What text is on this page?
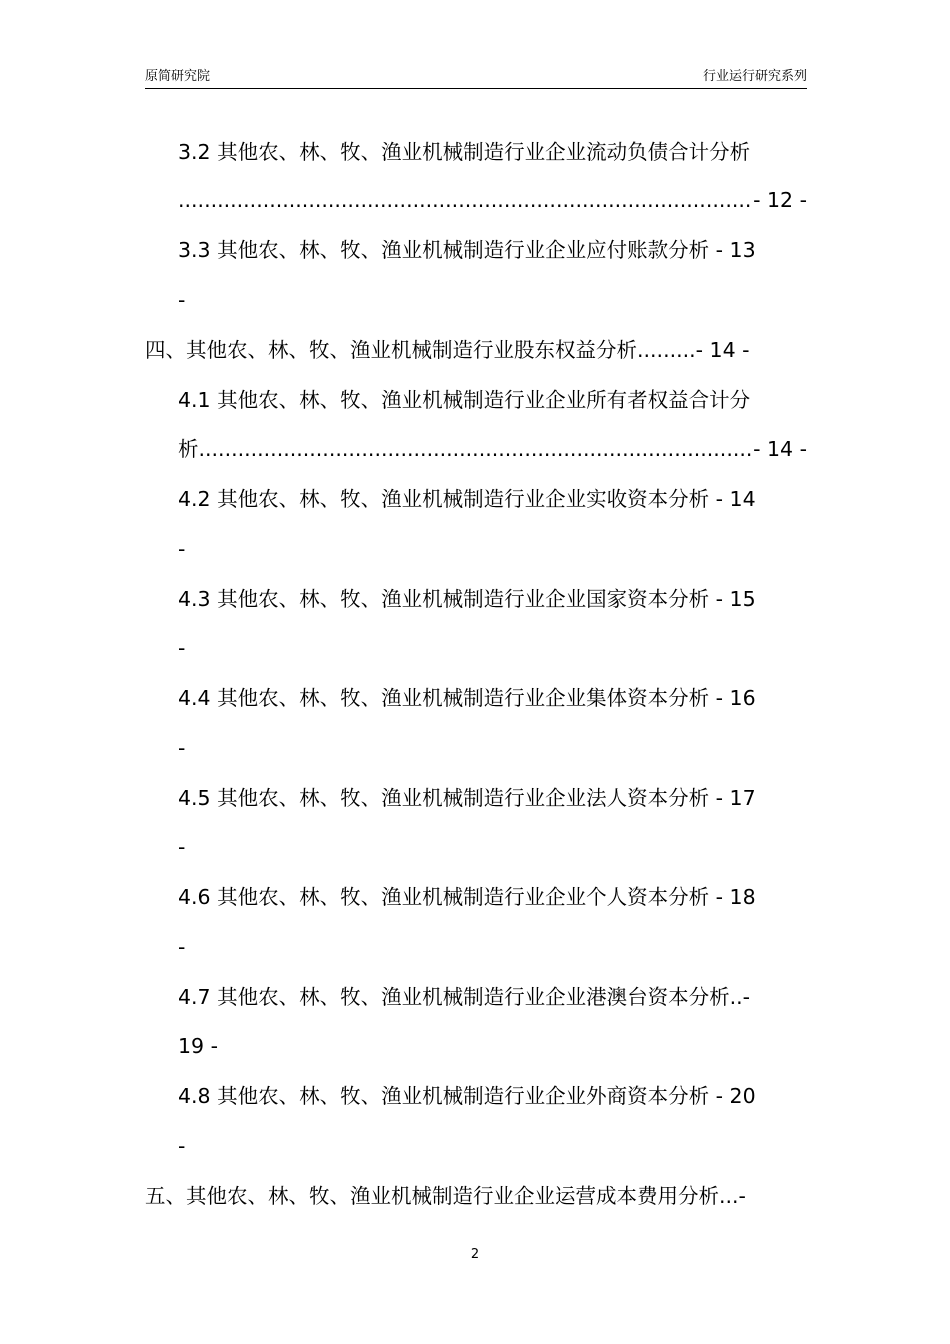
原简研究院	行业运行研究系列
3.2 其他农、林、牧、渔业机械制造行业企业流动负债合计分析
.....
- 12 -
3.3 其他农、林、牧、渔业机械制造行业企业应付账款分析 - 13
-
四、其他农、林、牧、渔业机械制造行业股东权益分析.........- 14 -
4.1 其他农、林、牧、渔业机械制造行业企业所有者权益合计分
析
.....	- 14 -
4.2 其他农、林、牧、渔业机械制造行业企业实收资本分析 - 14
-
4.3 其他农、林、牧、渔业机械制造行业企业国家资本分析 - 15
-
4.4 其他农、林、牧、渔业机械制造行业企业集体资本分析 - 16
-
4.5 其他农、林、牧、渔业机械制造行业企业法人资本分析 - 17
-
4.6 其他农、林、牧、渔业机械制造行业企业个人资本分析 - 18
-
4.7 其他农、林、牧、渔业机械制造行业企业港澳台资本分析..-
19 -
4.8 其他农、林、牧、渔业机械制造行业企业外商资本分析 - 20
-
五、其他农、林、牧、渔业机械制造行业企业运营成本费用分析...-
2
